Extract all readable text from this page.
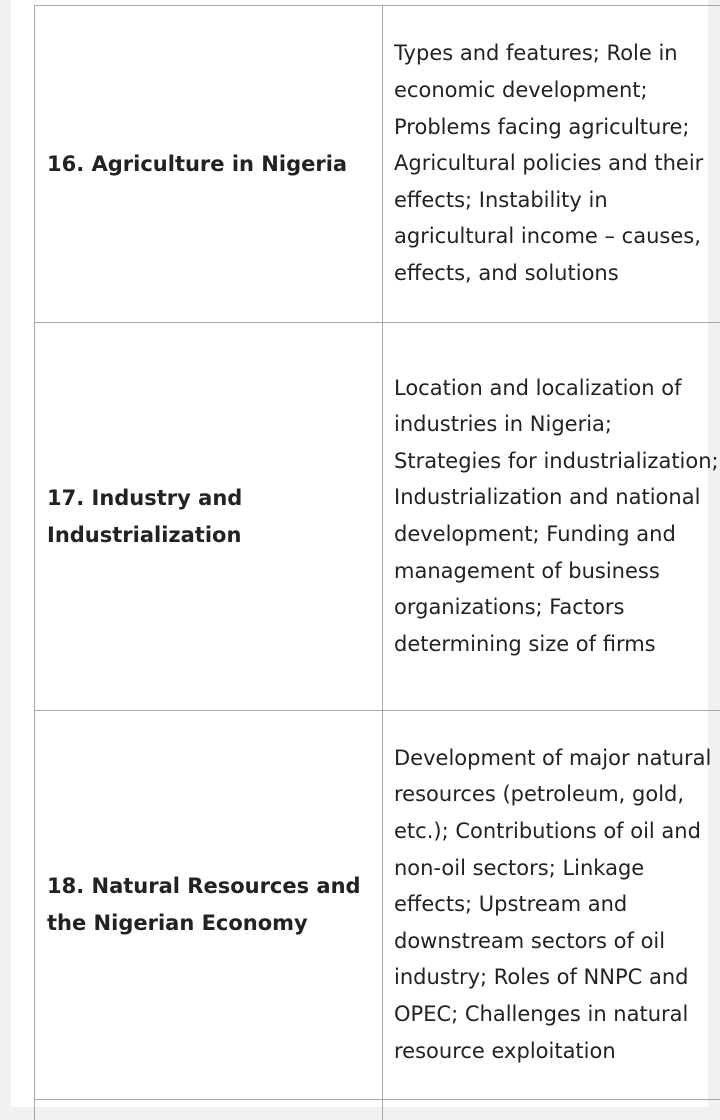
16. Agriculture in Nigeria	Types and features; Role in economic development; Problems facing agriculture; Agricultural policies and their effects; Instability in agricultural income – causes, effects, and solutions
17. Industry and Industrialization	Location and localization of industries in Nigeria; Strategies for industrialization; Industrialization and national development; Funding and management of business organizations; Factors determining size of firms
18. Natural Resources and the Nigerian Economy	Development of major natural resources (petroleum, gold, etc.); Contributions of oil and non-oil sectors; Linkage effects; Upstream and downstream sectors of oil industry; Roles of NNPC and OPEC; Challenges in natural resource exploitation
